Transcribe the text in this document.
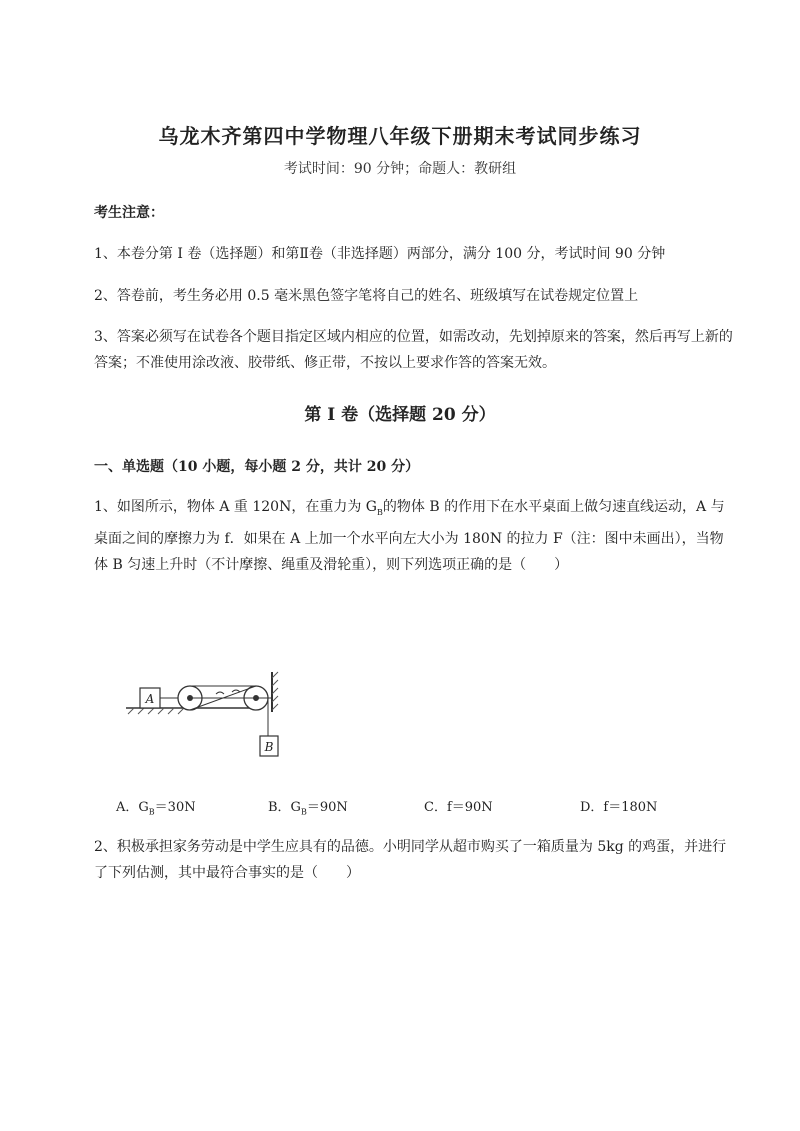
乌龙木齐第四中学物理八年级下册期末考试同步练习
考试时间：90 分钟；命题人：教研组
考生注意：
1、本卷分第 I 卷（选择题）和第Ⅱ卷（非选择题）两部分，满分 100 分，考试时间 90 分钟
2、答卷前，考生务必用 0.5 毫米黑色签字笔将自己的姓名、班级填写在试卷规定位置上
3、答案必须写在试卷各个题目指定区域内相应的位置，如需改动，先划掉原来的答案，然后再写上新的答案；不准使用涂改液、胶带纸、修正带，不按以上要求作答的答案无效。
第 I 卷（选择题 20 分）
一、单选题（10 小题，每小题 2 分，共计 20 分）
1、如图所示，物体 A 重 120N，在重力为 $G_B$的物体 B 的作用下在水平桌面上做匀速直线运动，A 与桌面之间的摩擦力为 f．如果在 A 上加一个水平向左大小为 180N 的拉力 F（注：图中未画出），当物体 B 匀速上升时（不计摩擦、绳重及滑轮重），则下列选项正确的是（　　）
A
B
A．$G_B=30N$	B．$G_B=90N$	C．f＝90N	D．f＝180N
2、积极承担家务劳动是中学生应具有的品德。小明同学从超市购买了一箱质量为 5kg 的鸡蛋，并进行了下列估测，其中最符合事实的是（　　）
